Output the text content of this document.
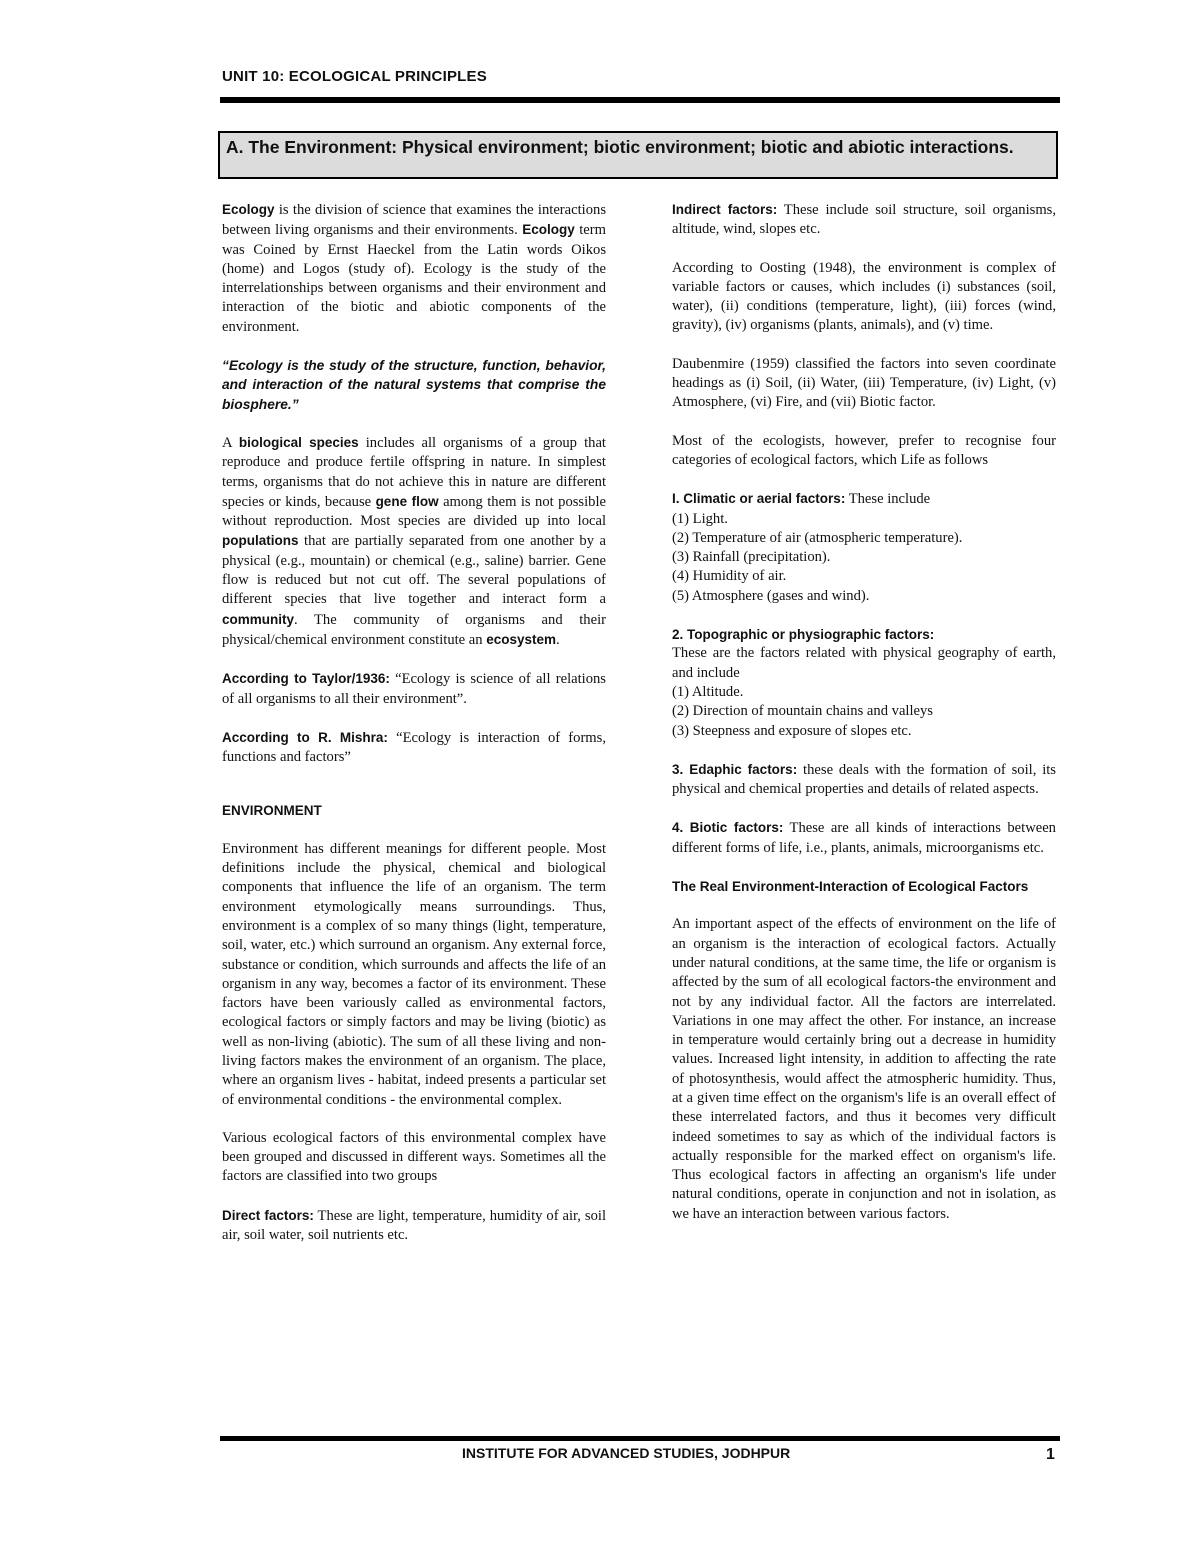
UNIT 10: ECOLOGICAL PRINCIPLES
A. The Environment: Physical environment; biotic environment; biotic and abiotic interactions.

Ecology is the division of science that examines the interactions between living organisms and their environments. Ecology term was Coined by Ernst Haeckel from the Latin words Oikos (home) and Logos (study of). Ecology is the study of the interrelationships between organisms and their environment and interaction of the biotic and abiotic components of the environment.

“Ecology is the study of the structure, function, behavior, and interaction of the natural systems that comprise the biosphere.”

A biological species includes all organisms of a group that reproduce and produce fertile offspring in nature. In simplest terms, organisms that do not achieve this in nature are different species or kinds, because gene flow among them is not possible without reproduction. Most species are divided up into local populations that are partially separated from one another by a physical (e.g., mountain) or chemical (e.g., saline) barrier. Gene flow is reduced but not cut off. The several populations of different species that live together and interact form a community. The community of organisms and their physical/chemical environment constitute an ecosystem.

According to Taylor/1936: “Ecology is science of all relations of all organisms to all their environment”.

According to R. Mishra: “Ecology is interaction of forms, functions and factors”

ENVIRONMENT

Environment has different meanings for different people. Most definitions include the physical, chemical and biological components that influence the life of an organism. The term environment etymologically means surroundings. Thus, environment is a complex of so many things (light, temperature, soil, water, etc.) which surround an organism. Any external force, substance or condition, which surrounds and affects the life of an organism in any way, becomes a factor of its environment. These factors have been variously called as environmental factors, ecological factors or simply factors and may be living (biotic) as well as non-living (abiotic). The sum of all these living and non-living factors makes the environment of an organism. The place, where an organism lives - habitat, indeed presents a particular set of environmental conditions - the environmental complex.

Various ecological factors of this environmental complex have been grouped and discussed in different ways. Sometimes all the factors are classified into two groups

Direct factors: These are light, temperature, humidity of air, soil air, soil water, soil nutrients etc.

Indirect factors: These include soil structure, soil organisms, altitude, wind, slopes etc.

According to Oosting (1948), the environment is complex of variable factors or causes, which includes (i) substances (soil, water), (ii) conditions (temperature, light), (iii) forces (wind, gravity), (iv) organisms (plants, animals), and (v) time.

Daubenmire (1959) classified the factors into seven coordinate headings as (i) Soil, (ii) Water, (iii) Temperature, (iv) Light, (v) Atmosphere, (vi) Fire, and (vii) Biotic factor.

Most of the ecologists, however, prefer to recognise four categories of ecological factors, which Life as follows

I. Climatic or aerial factors: These include
(1) Light.
(2) Temperature of air (atmospheric temperature).
(3) Rainfall (precipitation).
(4) Humidity of air.
(5) Atmosphere (gases and wind).

2. Topographic or physiographic factors:
These are the factors related with physical geography of earth, and include
(1) Altitude.
(2) Direction of mountain chains and valleys
(3) Steepness and exposure of slopes etc.

3. Edaphic factors: these deals with the formation of soil, its physical and chemical properties and details of related aspects.

4. Biotic factors: These are all kinds of interactions between different forms of life, i.e., plants, animals, microorganisms etc.

The Real Environment-Interaction of Ecological Factors

An important aspect of the effects of environment on the life of an organism is the interaction of ecological factors. Actually under natural conditions, at the same time, the life or organism is affected by the sum of all ecological factors-the environment and not by any individual factor. All the factors are interrelated. Variations in one may affect the other. For instance, an increase in temperature would certainly bring out a decrease in humidity values. Increased light intensity, in addition to affecting the rate of photosynthesis, would affect the atmospheric humidity. Thus, at a given time effect on the organism's life is an overall effect of these interrelated factors, and thus it becomes very difficult indeed sometimes to say as which of the individual factors is actually responsible for the marked effect on organism's life. Thus ecological factors in affecting an organism's life under natural conditions, operate in conjunction and not in isolation, as we have an interaction between various factors.

INSTITUTE FOR ADVANCED STUDIES, JODHPUR	1
